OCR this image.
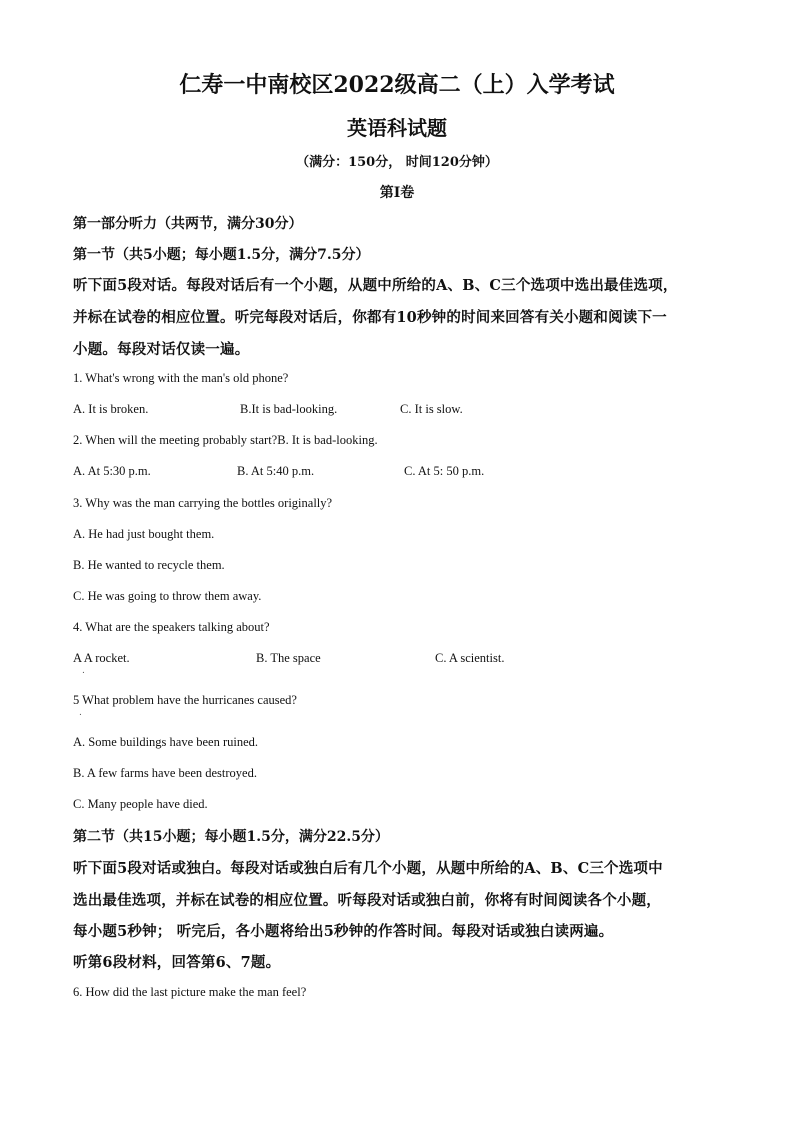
仁寿一中南校区2022级高二（上）入学考试
英语科试题
（满分：150分， 时间120分钟）
第I卷
第一部分听力（共两节，满分30分）
第一节（共5小题；每小题1.5分，满分7.5分）
听下面5段对话。每段对话后有一个小题，从题中所给的A、B、C三个选项中选出最佳选项，
并标在试卷的相应位置。听完每段对话后，你都有10秒钟的时间来回答有关小题和阅读下一
小题。每段对话仅读一遍。
1. What's wrong with the man's old phone?
A. It is broken.	B.It is bad-looking.	C. It is slow.
2. When will the meeting probably start?B. It is bad-looking.
A. At 5:30 p.m.	B. At 5:40 p.m.	C. At 5: 50 p.m.
3. Why was the man carrying the bottles originally?
A. He had just bought them.
B. He wanted to recycle them.
C. He was going to throw them away.
4. What are the speakers talking about?
A A rocket.
.
B. The space	C. A scientist.
5 What problem have the hurricanes caused?
.
A. Some buildings have been ruined.
B. A few farms have been destroyed.
C. Many people have died.
第二节（共15小题；每小题1.5分，满分22.5分）
听下面5段对话或独白。每段对话或独白后有几个小题，从题中所给的A、B、C三个选项中
选出最佳选项，并标在试卷的相应位置。听每段对话或独白前，你将有时间阅读各个小题，
每小题5秒钟； 听完后，各小题将给出5秒钟的作答时间。每段对话或独白读两遍。
听第6段材料，回答第6、7题。
6. How did the last picture make the man feel?
